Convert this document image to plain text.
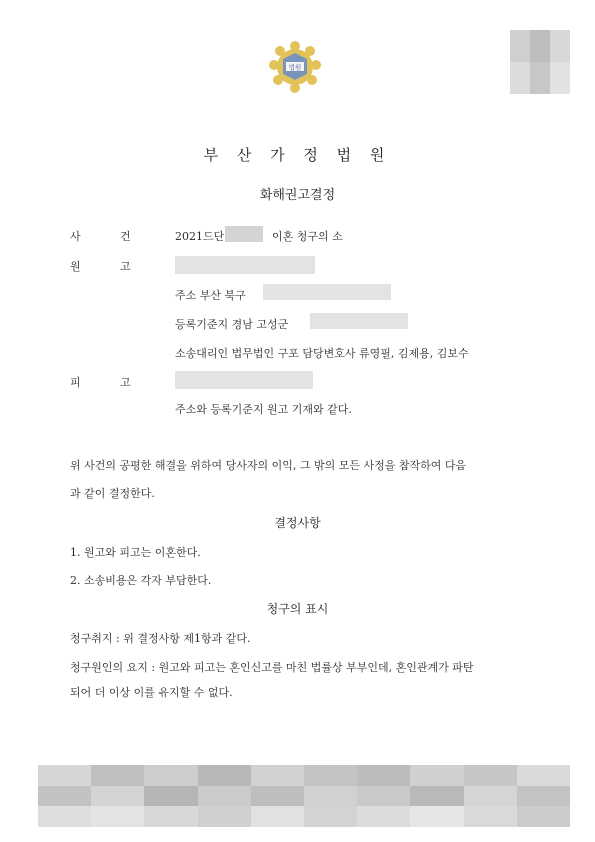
법원
부 산 가 정 법 원
화해권고결정
사	건	2021드단	이혼 청구의 소
원	고
주소 부산 북구
등록기준지 경남 고성군
소송대리인 법무법인 구포 담당변호사 류영필, 김제용, 김보수
피	고
주소와 등록기준지 원고 기재와 같다.
위 사건의 공평한 해결을 위하여 당사자의 이익, 그 밖의 모든 사정을 참작하여 다음
과 같이 결정한다.
결정사항
1. 원고와 피고는 이혼한다.
2. 소송비용은 각자 부담한다.
청구의 표시
청구취지 : 위 결정사항 제1항과 같다.
청구원인의 요지 : 원고와 피고는 혼인신고를 마친 법률상 부부인데, 혼인관계가 파탄
되어 더 이상 이를 유지할 수 없다.
